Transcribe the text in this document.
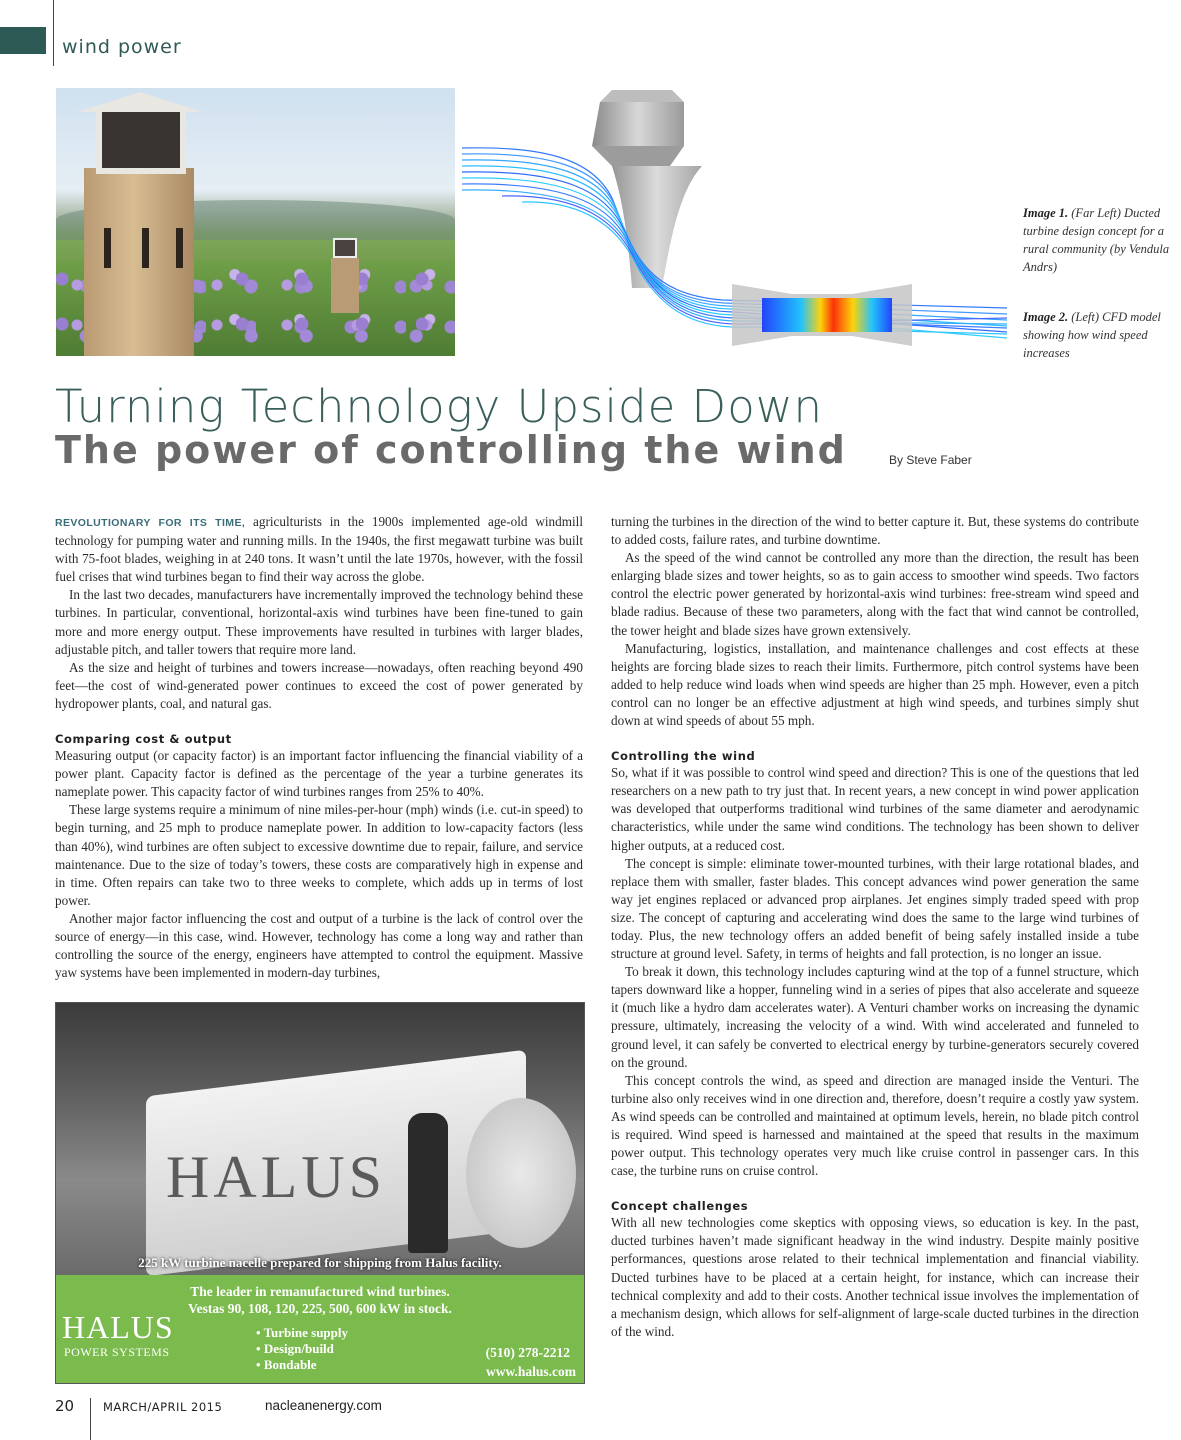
wind power
Image 1. (Far Left) Ducted turbine design concept for a rural community (by Vendula Andrs)
Image 2. (Left) CFD model showing how wind speed increases
Turning Technology Upside Down
The power of controlling the wind	By Steve Faber

REVOLUTIONARY FOR ITS TIME, agriculturists in the 1900s implemented age-old windmill technology for pumping water and running mills. In the 1940s, the first megawatt turbine was built with 75-foot blades, weighing in at 240 tons. It wasn’t until the late 1970s, however, with the fossil fuel crises that wind turbines began to find their way across the globe.

In the last two decades, manufacturers have incrementally improved the technology behind these turbines. In particular, conventional, horizontal-axis wind turbines have been fine-tuned to gain more and more energy output. These improvements have resulted in turbines with larger blades, adjustable pitch, and taller towers that require more land.

As the size and height of turbines and towers increase—nowadays, often reaching beyond 490 feet—the cost of wind-generated power continues to exceed the cost of power generated by hydropower plants, coal, and natural gas.

Comparing cost & output

Measuring output (or capacity factor) is an important factor influencing the financial viability of a power plant. Capacity factor is defined as the percentage of the year a turbine generates its nameplate power. This capacity factor of wind turbines ranges from 25% to 40%.

These large systems require a minimum of nine miles-per-hour (mph) winds (i.e. cut-in speed) to begin turning, and 25 mph to produce nameplate power. In addition to low-capacity factors (less than 40%), wind turbines are often subject to excessive downtime due to repair, failure, and service maintenance. Due to the size of today’s towers, these costs are comparatively high in expense and in time. Often repairs can take two to three weeks to complete, which adds up in terms of lost power.

Another major factor influencing the cost and output of a turbine is the lack of control over the source of energy—in this case, wind. However, technology has come a long way and rather than controlling the source of the energy, engineers have attempted to control the equipment. Massive yaw systems have been implemented in modern-day turbines,

turning the turbines in the direction of the wind to better capture it. But, these systems do contribute to added costs, failure rates, and turbine downtime.

As the speed of the wind cannot be controlled any more than the direction, the result has been enlarging blade sizes and tower heights, so as to gain access to smoother wind speeds. Two factors control the electric power generated by horizontal-axis wind turbines: free-stream wind speed and blade radius. Because of these two parameters, along with the fact that wind cannot be controlled, the tower height and blade sizes have grown extensively.

Manufacturing, logistics, installation, and maintenance challenges and cost effects at these heights are forcing blade sizes to reach their limits. Furthermore, pitch control systems have been added to help reduce wind loads when wind speeds are higher than 25 mph. However, even a pitch control can no longer be an effective adjustment at high wind speeds, and turbines simply shut down at wind speeds of about 55 mph.

Controlling the wind

So, what if it was possible to control wind speed and direction? This is one of the questions that led researchers on a new path to try just that. In recent years, a new concept in wind power application was developed that outperforms traditional wind turbines of the same diameter and aerodynamic characteristics, while under the same wind conditions. The technology has been shown to deliver higher outputs, at a reduced cost.

The concept is simple: eliminate tower-mounted turbines, with their large rotational blades, and replace them with smaller, faster blades. This concept advances wind power generation the same way jet engines replaced or advanced prop airplanes. Jet engines simply traded speed with prop size. The concept of capturing and accelerating wind does the same to the large wind turbines of today. Plus, the new technology offers an added benefit of being safely installed inside a tube structure at ground level. Safety, in terms of heights and fall protection, is no longer an issue.

To break it down, this technology includes capturing wind at the top of a funnel structure, which tapers downward like a hopper, funneling wind in a series of pipes that also accelerate and squeeze it (much like a hydro dam accelerates water). A Venturi chamber works on increasing the dynamic pressure, ultimately, increasing the velocity of a wind. With wind accelerated and funneled to ground level, it can safely be converted to electrical energy by turbine-generators securely covered on the ground.

This concept controls the wind, as speed and direction are managed inside the Venturi. The turbine also only receives wind in one direction and, therefore, doesn’t require a costly yaw system. As wind speeds can be controlled and maintained at optimum levels, herein, no blade pitch control is required. Wind speed is harnessed and maintained at the speed that results in the maximum power output. This technology operates very much like cruise control in passenger cars. In this case, the turbine runs on cruise control.

Concept challenges

With all new technologies come skeptics with opposing views, so education is key. In the past, ducted turbines haven’t made significant headway in the wind industry. Despite mainly positive performances, questions arose related to their technical implementation and financial viability. Ducted turbines have to be placed at a certain height, for instance, which can increase their technical complexity and add to their costs. Another technical issue involves the implementation of a mechanism design, which allows for self-alignment of large-scale ducted turbines in the direction of the wind.

HALUS
225 kW turbine nacelle prepared for shipping from Halus facility.
The leader in remanufactured wind turbines.
Vestas 90, 108, 120, 225, 500, 600 kW in stock.
HALUS
POWER SYSTEMS
• Turbine supply
• Design/build
• Bondable
(510) 278-2212
www.halus.com
20	MARCH/APRIL 2015	nacleanenergy.com
